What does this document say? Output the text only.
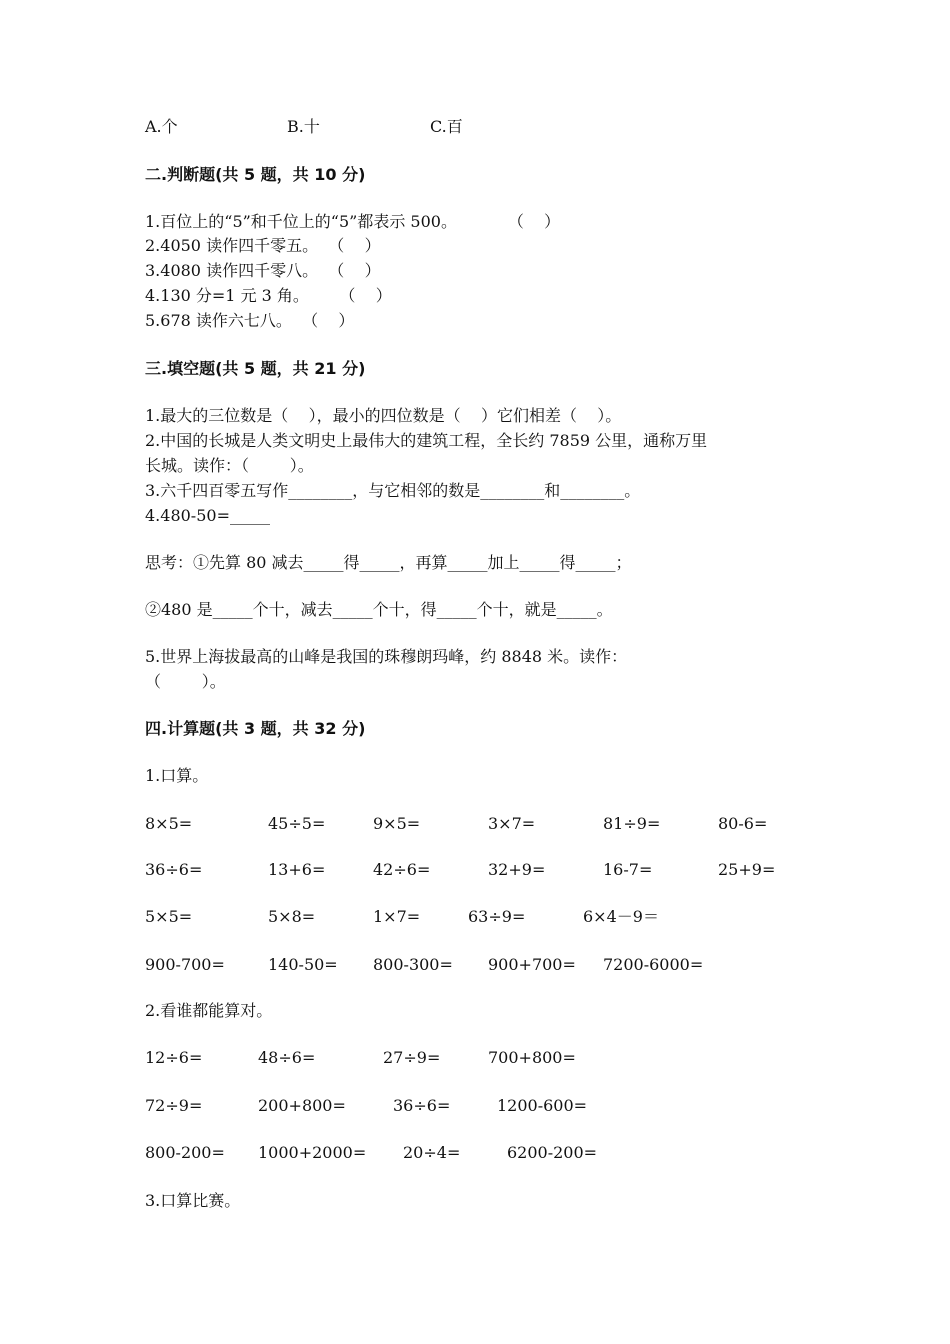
A.个	B.十	C.百
二.判断题(共 5 题，共 10 分)
1.百位上的“5”和千位上的“5”都表示 500。          （    ）
2.4050 读作四千零五。  （    ）
3.4080 读作四千零八。  （    ）
4.130 分=1 元 3 角。      （    ）
5.678 读作六七八。  （    ）
三.填空题(共 5 题，共 21 分)
1.最大的三位数是（    ），最小的四位数是（    ）它们相差（    ）。
2.中国的长城是人类文明史上最伟大的建筑工程，全长约 7859 公里，通称万里
长城。读作：（        ）。
3.六千四百零五写作________，与它相邻的数是________和________。
4.480-50=_____
思考：①先算 80 减去_____得_____，再算_____加上_____得_____；
②480 是_____个十，减去_____个十，得_____个十，就是_____。
5.世界上海拔最高的山峰是我国的珠穆朗玛峰，约 8848 米。读作：
（        ）。
四.计算题(共 3 题，共 32 分)
1.口算。
8×5=	45÷5=	9×5=	3×7=	81÷9=	80-6=
36÷6=	13+6=	42÷6=	32+9=	16-7=	25+9=
5×5=	5×8=	1×7=	63÷9=	6×4－9＝
900-700=	140-50= 800-300= 900+700= 7200-6000=
2.看谁都能算对。
12÷6=	48÷6=	27÷9=	700+800=
72÷9=	200+800=	36÷6=	1200-600=
800-200= 1000+2000= 20÷4=	6200-200=
3.口算比赛。
